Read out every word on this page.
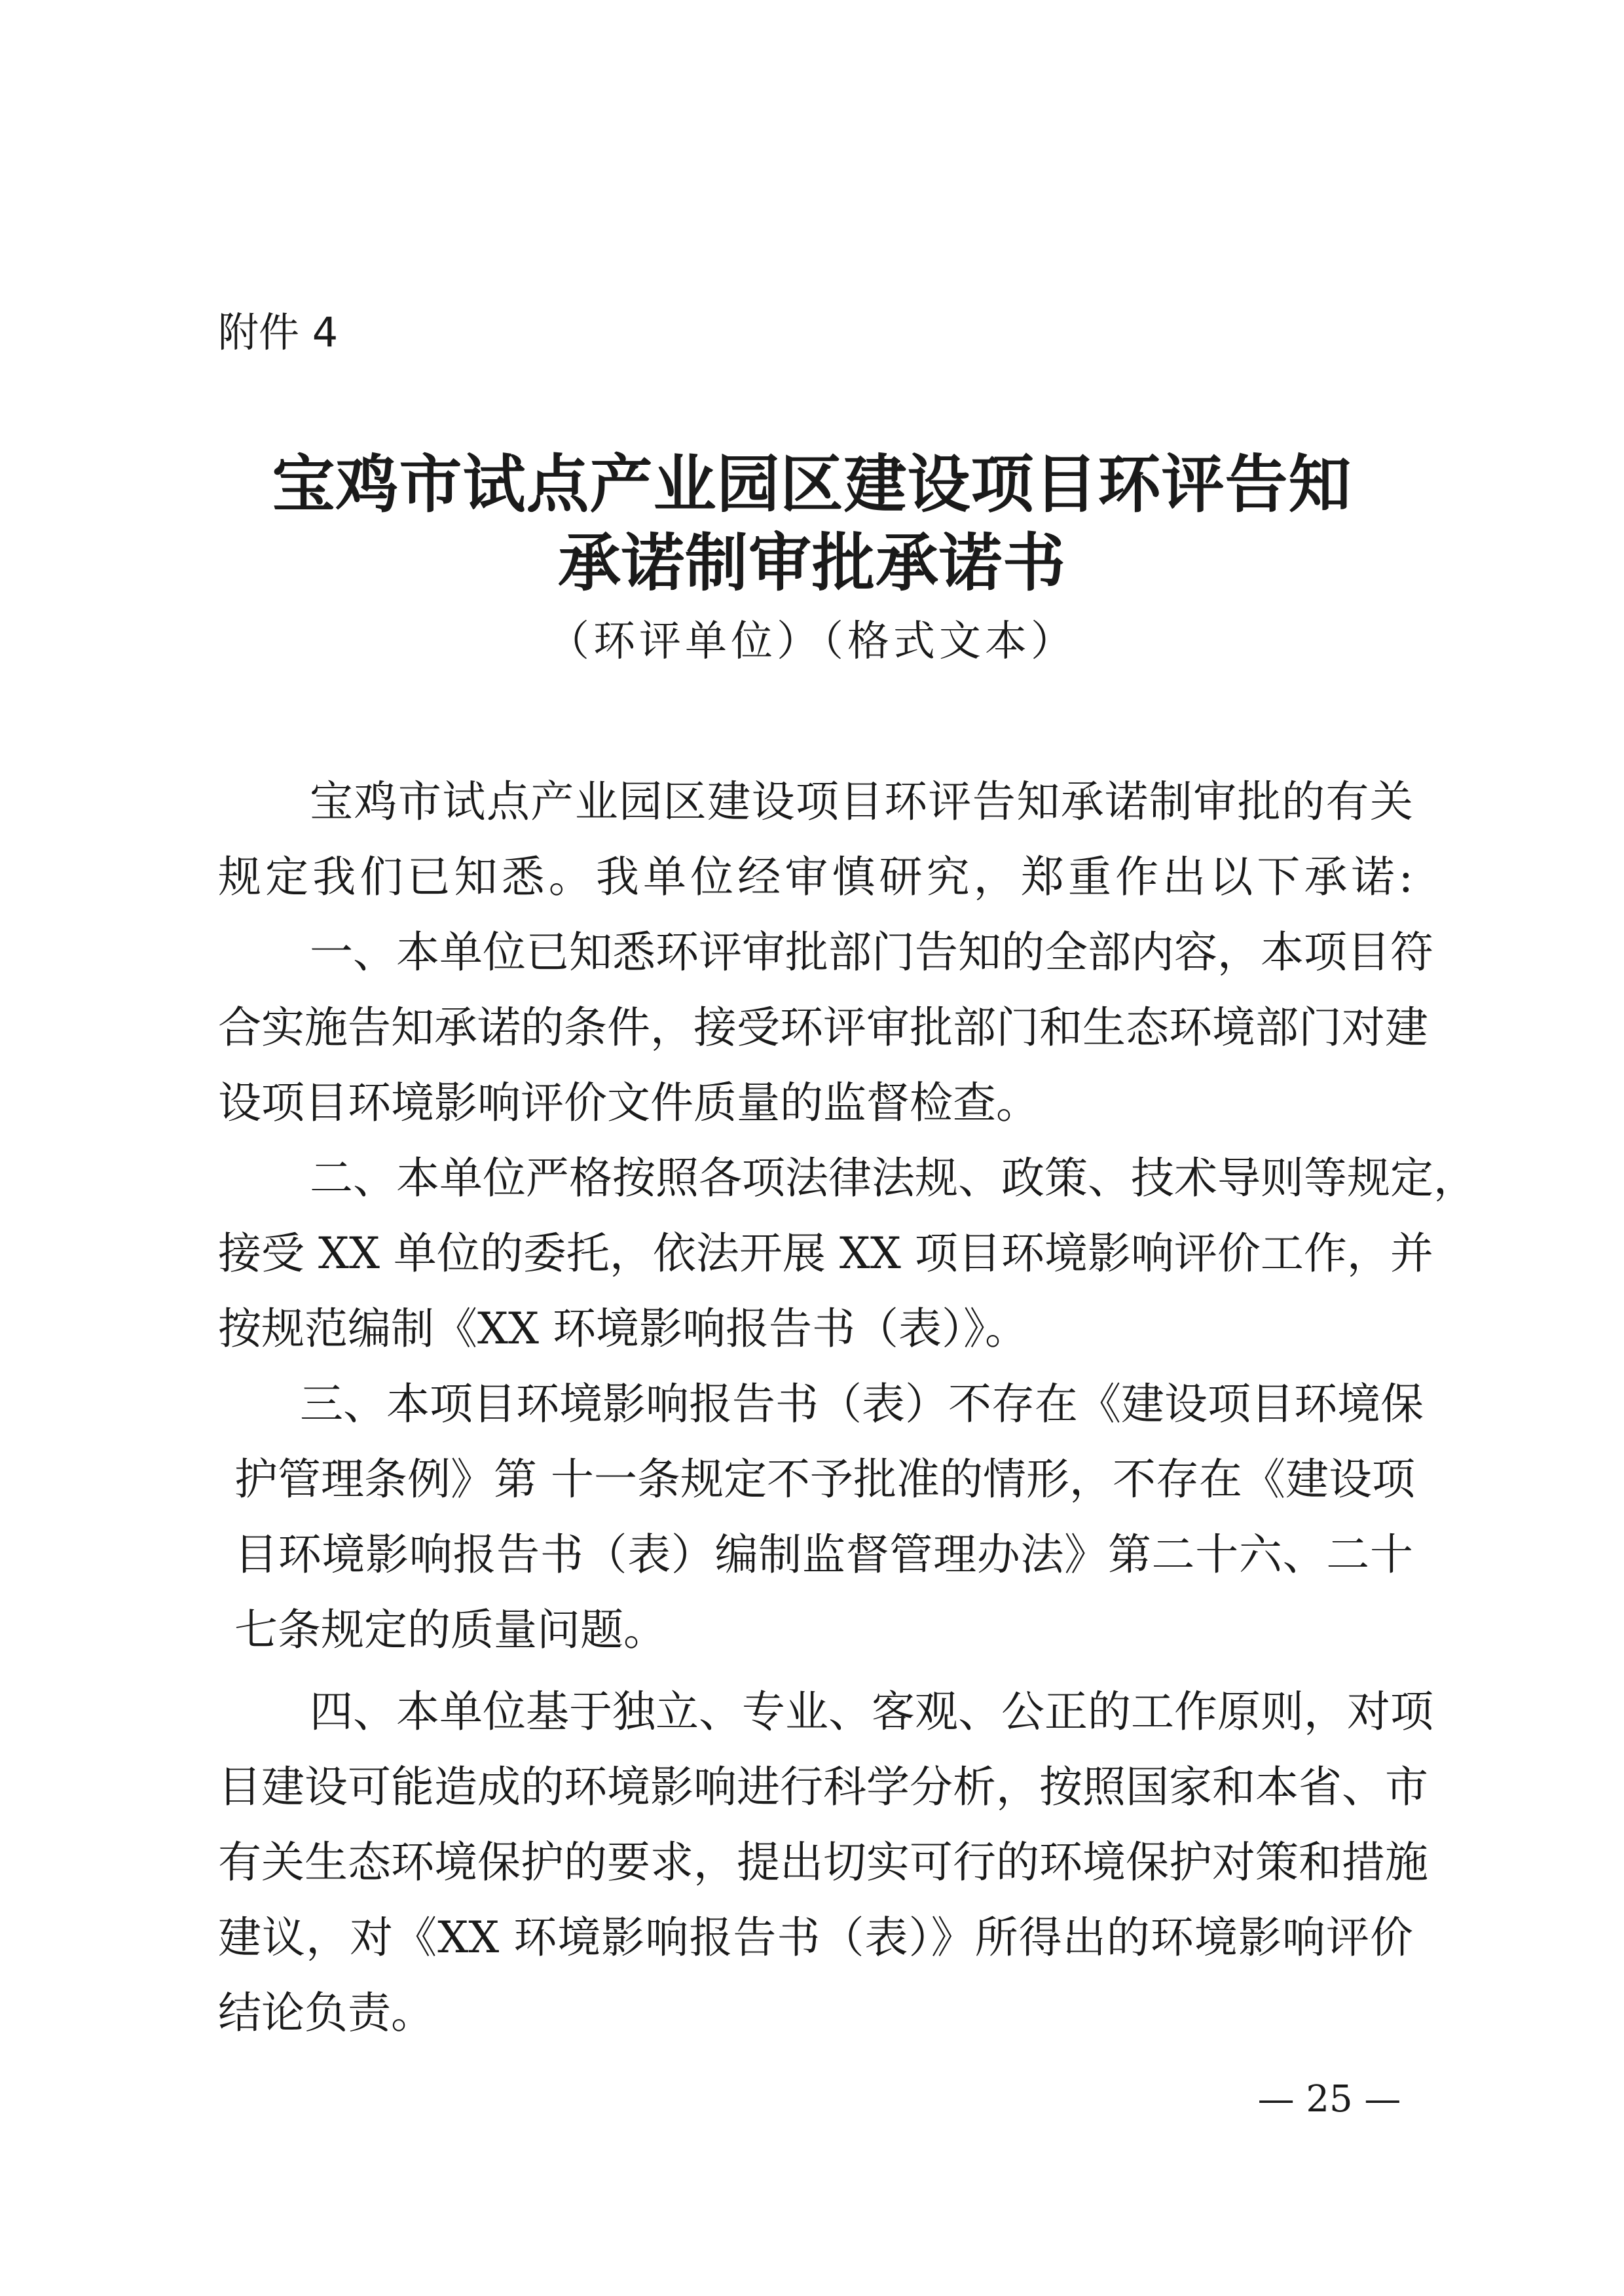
附件 4
宝鸡市试点产业园区建设项目环评告知
承诺制审批承诺书
（环评单位）（格式文本）
宝鸡市试点产业园区建设项目环评告知承诺制审批的有关
规定我们已知悉。我单位经审慎研究，郑重作出以下承诺:
一、本单位已知悉环评审批部门告知的全部内容，本项目符
合实施告知承诺的条件，接受环评审批部门和生态环境部门对建
设项目环境影响评价文件质量的监督检查。
二、本单位严格按照各项法律法规、政策、技术导则等规定，
接受 XX 单位的委托，依法开展 XX 项目环境影响评价工作，并
按规范编制《XX 环境影响报告书（表）》。
三、本项目环境影响报告书（表）不存在《建设项目环境保
护管理条例》第 十一条规定不予批准的情形，不存在《建设项
目环境影响报告书（表）编制监督管理办法》第二十六、二十
七条规定的质量问题。
四、本单位基于独立、专业、客观、公正的工作原则，对项
目建设可能造成的环境影响进行科学分析，按照国家和本省、市
有关生态环境保护的要求，提出切实可行的环境保护对策和措施
建议，对《XX 环境影响报告书（表）》所得出的环境影响评价
结论负责。
— 25 —
